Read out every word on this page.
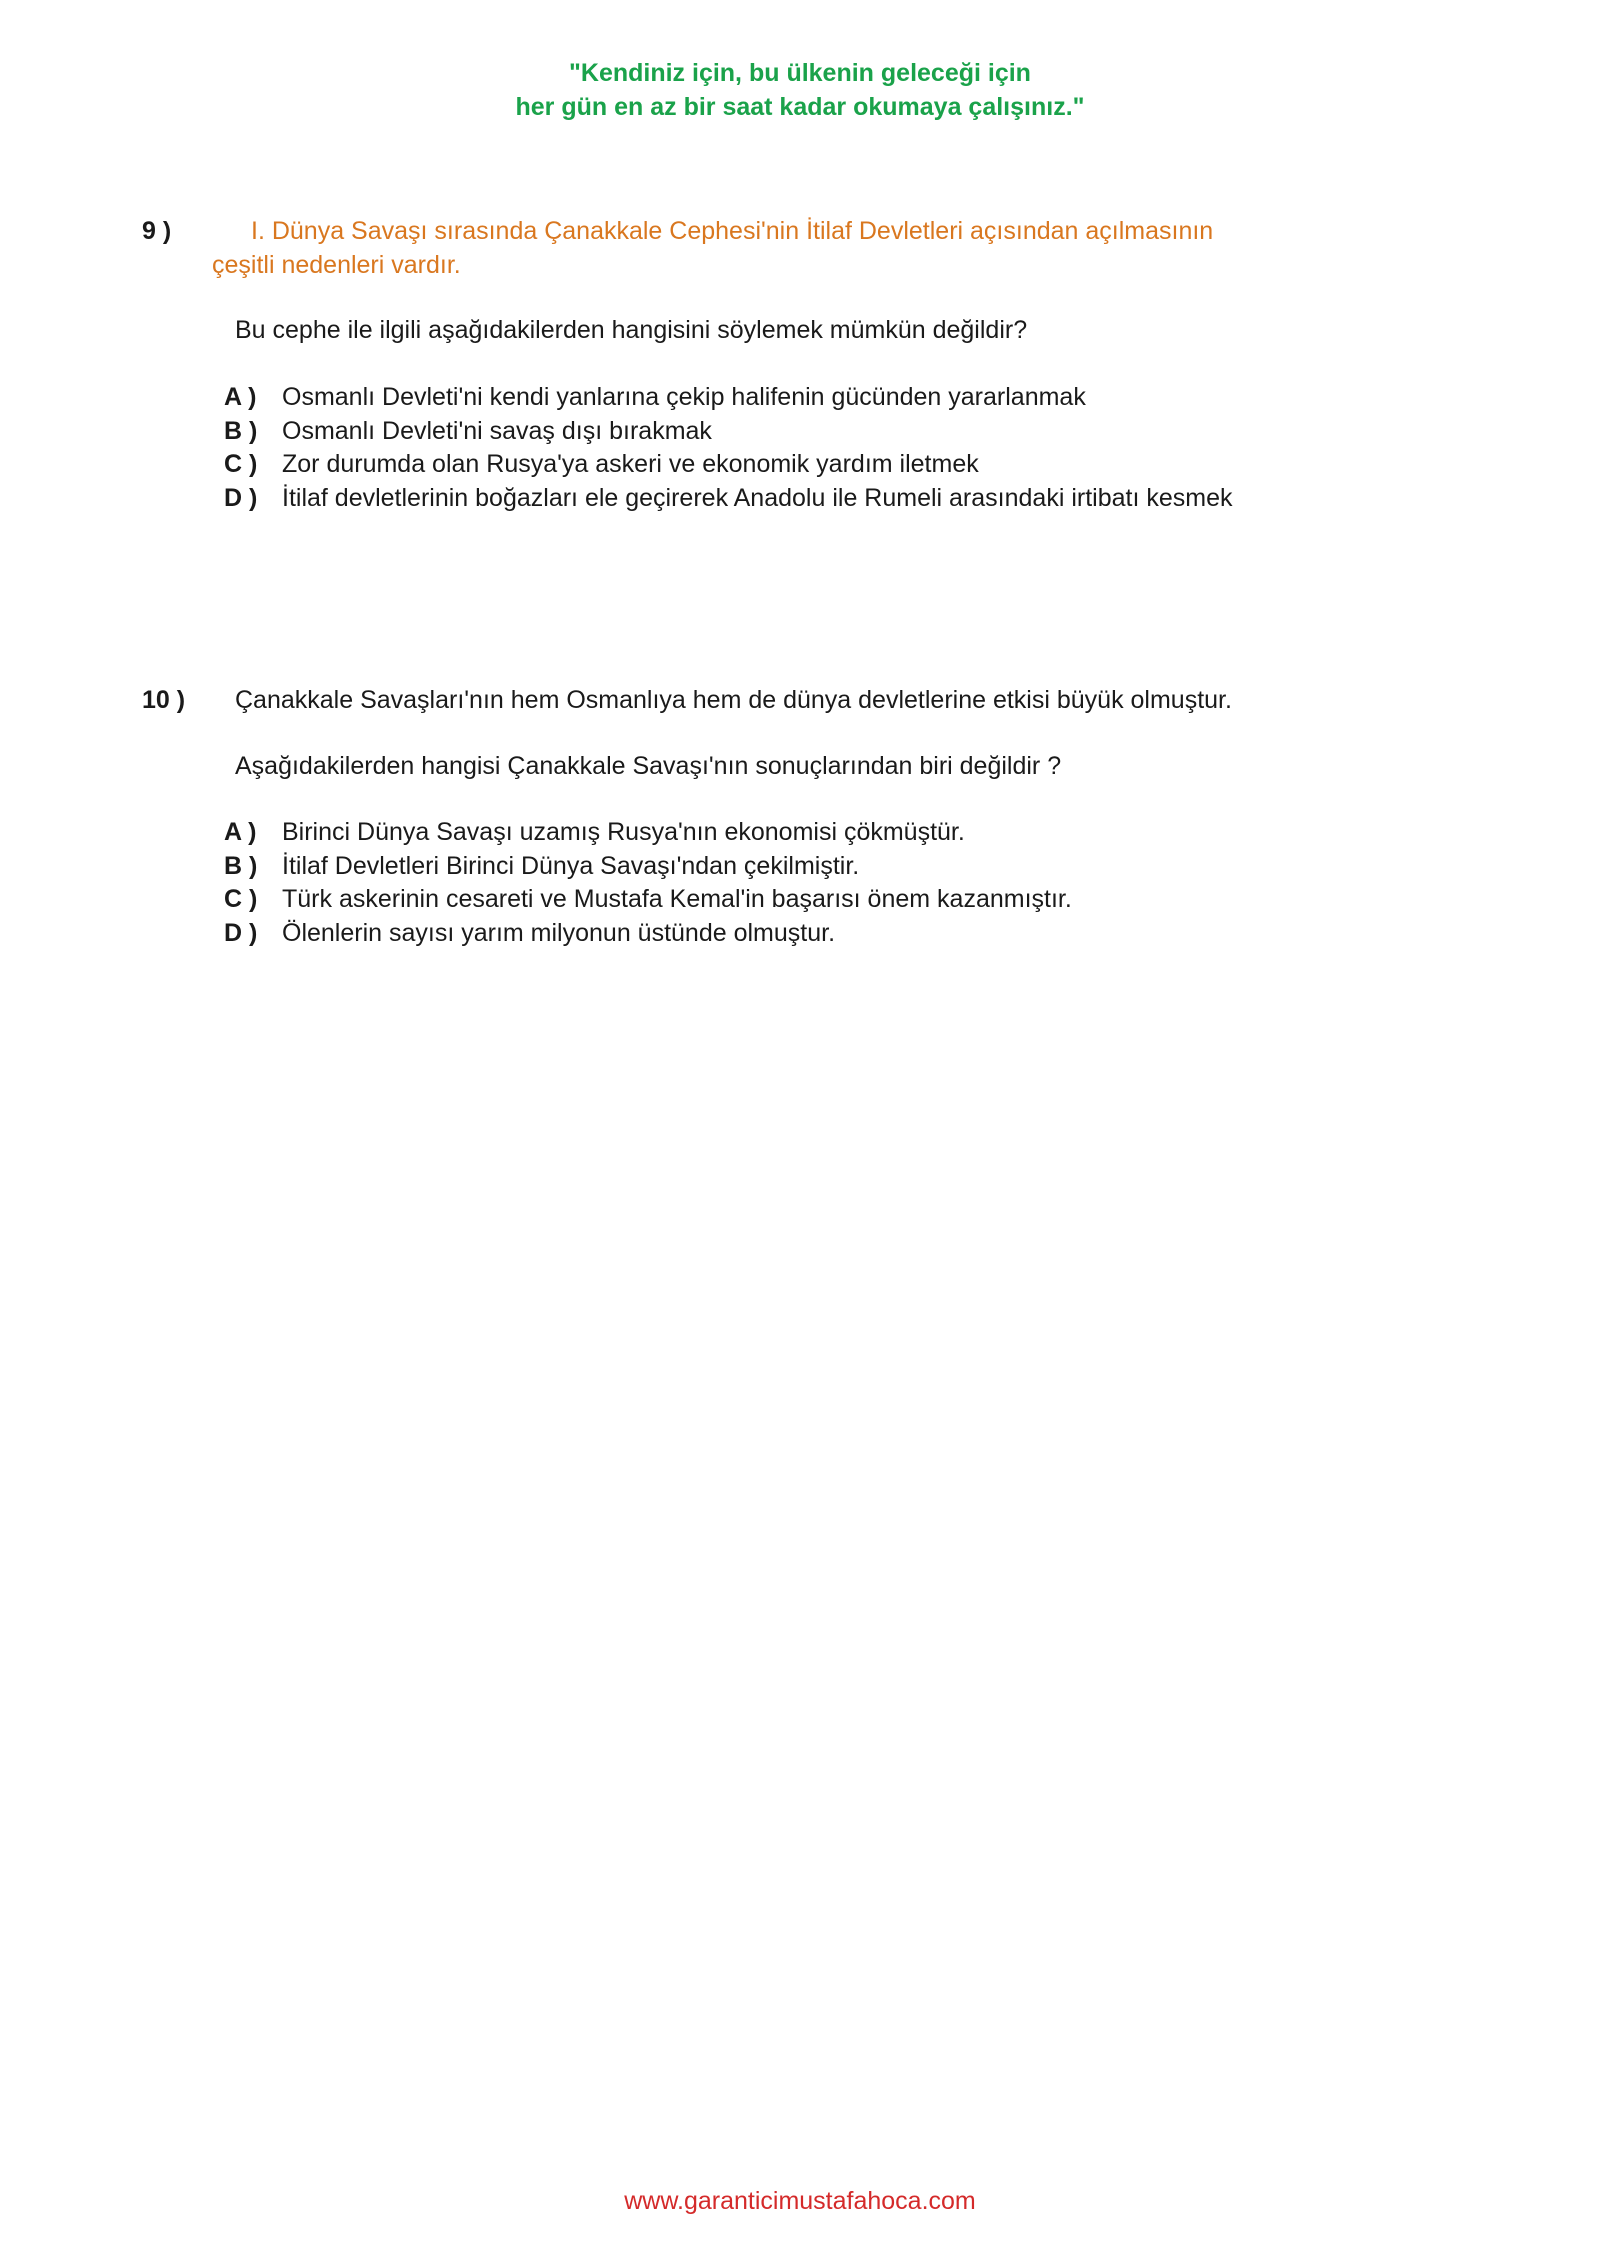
"Kendiniz için, bu ülkenin geleceği için
her gün en az bir saat kadar okumaya çalışınız."
9 )	I. Dünya Savaşı sırasında Çanakkale Cephesi'nin İtilaf Devletleri açısından açılmasının
çeşitli nedenleri vardır.
Bu cephe ile ilgili aşağıdakilerden hangisini söylemek mümkün değildir?
A ) Osmanlı Devleti'ni kendi yanlarına çekip halifenin gücünden yararlanmak
B ) Osmanlı Devleti'ni savaş dışı bırakmak
C ) Zor durumda olan Rusya'ya askeri ve ekonomik yardım iletmek
D ) İtilaf devletlerinin boğazları ele geçirerek Anadolu ile Rumeli arasındaki irtibatı kesmek
10 ) Çanakkale Savaşları'nın hem Osmanlıya hem de dünya devletlerine etkisi büyük olmuştur.
Aşağıdakilerden hangisi Çanakkale Savaşı'nın sonuçlarından biri değildir ?
A ) Birinci Dünya Savaşı uzamış Rusya'nın ekonomisi çökmüştür.
B ) İtilaf Devletleri Birinci Dünya Savaşı'ndan çekilmiştir.
C ) Türk askerinin cesareti ve Mustafa Kemal'in başarısı önem kazanmıştır.
D ) Ölenlerin sayısı yarım milyonun üstünde olmuştur.
www.garanticimustafahoca.com
